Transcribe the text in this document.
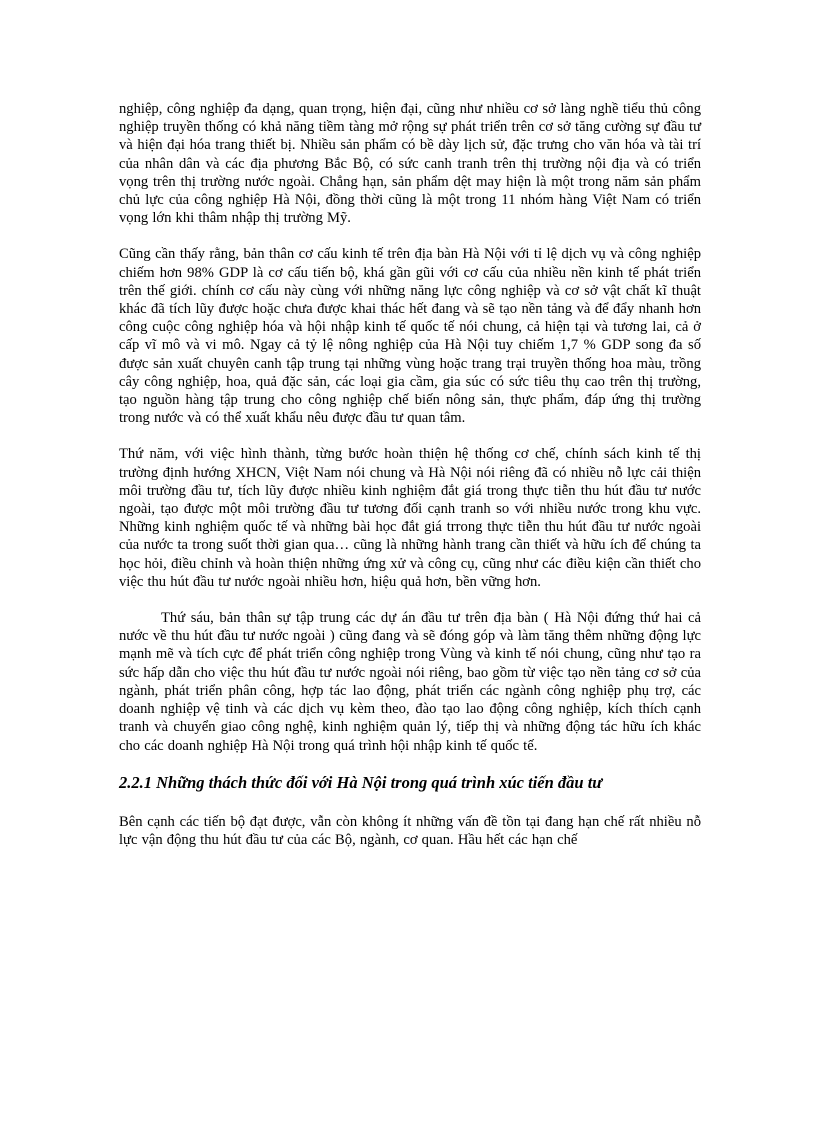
nghiệp, công nghiệp đa dạng, quan trọng, hiện đại, cũng như nhiều cơ sở làng nghề tiểu thủ công nghiệp truyền thống có khả năng tiềm tàng mở rộng sự phát triển trên cơ sở tăng cường sự đầu tư và hiện đại hóa trang thiết bị. Nhiều sản phẩm có bề dày lịch sử, đặc trưng cho văn hóa và tài trí của nhân dân và các địa phương Bắc Bộ, có sức canh tranh trên thị trường nội địa và có triển vọng trên thị trường nước ngoài. Chẳng hạn, sản phẩm dệt may hiện là một trong năm sản phẩm chủ lực của công nghiệp Hà Nội, đồng thời cũng là một trong 11 nhóm hàng Việt Nam có triển vọng lớn khi thâm nhập thị trường Mỹ.

Cũng cần thấy rằng, bản thân cơ cấu kinh tế trên địa bàn Hà Nội với tỉ lệ dịch vụ và công nghiệp chiếm hơn 98% GDP là cơ cấu tiến bộ, khá gần gũi với cơ cấu của nhiều nền kinh tế phát triển trên thế giới. chính cơ cấu này cùng với những năng lực công nghiệp và cơ sở vật chất kĩ thuật khác đã tích lũy được hoặc chưa được khai thác hết đang và sẽ tạo nền tảng và để đẩy nhanh hơn công cuộc công nghiệp hóa và hội nhập kinh tế quốc tế nói chung, cả hiện tại và tương lai, cả ở cấp vĩ mô và vi mô. Ngay cả tỷ lệ nông nghiệp của Hà Nội tuy chiếm 1,7 % GDP song đa số được sản xuất chuyên canh tập trung tại những vùng hoặc trang trại truyền thống hoa màu, trồng cây công nghiệp, hoa, quả đặc sản, các loại gia cầm, gia súc có sức tiêu thụ cao trên thị trường, tạo nguồn hàng tập trung cho công nghiệp chế biến nông sản, thực phẩm, đáp ứng thị trường trong nước và có thể xuất khẩu nêu được đầu tư quan tâm.

Thứ năm, với việc hình thành, từng bước hoàn thiện hệ thống cơ chế, chính sách kinh tế thị trường định hướng XHCN, Việt Nam nói chung và Hà Nội nói riêng đã có nhiều nỗ lực cải thiện môi trường đầu tư, tích lũy được nhiều kinh nghiệm đắt giá trong thực tiễn thu hút đầu tư nước ngoài, tạo được một môi trường đầu tư tương đối cạnh tranh so với nhiều nước trong khu vực. Những kinh nghiệm quốc tế và những bài học đắt giá trrong thực tiễn thu hút đầu tư nước ngoài của nước ta trong suốt thời gian qua… cũng là những hành trang cần thiết và hữu ích để chúng ta học hỏi, điều chỉnh và hoàn thiện những ứng xử và công cụ, cũng như các điều kiện cần thiết cho việc thu hút đầu tư nước ngoài nhiều hơn, hiệu quả hơn, bền vững hơn.

Thứ sáu, bản thân sự tập trung các dự án đầu tư trên địa bàn ( Hà Nội đứng thứ hai cả nước về thu hút đầu tư nước ngoài ) cũng đang và sẽ đóng góp và làm tăng thêm những động lực mạnh mẽ và tích cực để phát triển công nghiệp trong Vùng và kinh tế nói chung, cũng như tạo ra sức hấp dẫn cho việc thu hút đầu tư nước ngoài nói riêng, bao gồm từ việc tạo nền tảng cơ sở của ngành, phát triển phân công, hợp tác lao động, phát triển các ngành công nghiệp phụ trợ, các doanh nghiệp vệ tinh và các dịch vụ kèm theo, đào tạo lao động công nghiệp, kích thích cạnh tranh và chuyển giao công nghệ, kinh nghiệm quản lý, tiếp thị và những động tác hữu ích khác cho các doanh nghiệp Hà Nội trong quá trình hội nhập kinh tế quốc tế.

2.2.1 Những thách thức đối với Hà Nội trong quá trình xúc tiến đầu tư

Bên cạnh các tiến bộ đạt được, vẫn còn không ít những vấn đề tồn tại đang hạn chế rất nhiều nỗ lực vận động thu hút đầu tư của các Bộ, ngành, cơ quan. Hầu hết các hạn chế
